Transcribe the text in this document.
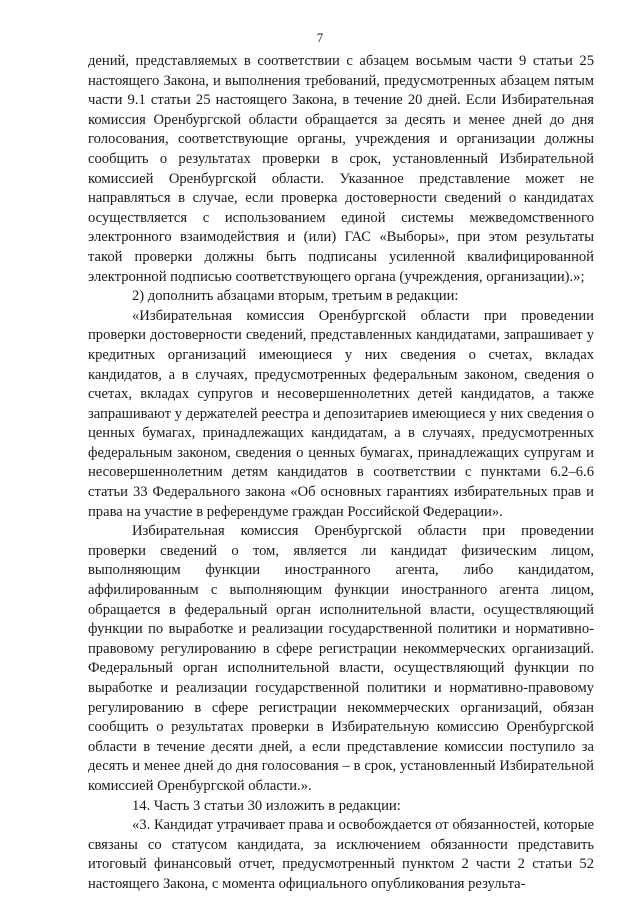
7

дений, представляемых в соответствии с абзацем восьмым части 9 статьи 25 настоящего Закона, и выполнения требований, предусмотренных абзацем пятым части 9.1 статьи 25 настоящего Закона, в течение 20 дней. Если Избирательная комиссия Оренбургской области обращается за десять и менее дней до дня голосования, соответствующие органы, учреждения и организации должны сообщить о результатах проверки в срок, установленный Избирательной комиссией Оренбургской области. Указанное представление может не направляться в случае, если проверка достоверности сведений о кандидатах осуществляется с использованием единой системы межведомственного электронного взаимодействия и (или) ГАС «Выборы», при этом результаты такой проверки должны быть подписаны усиленной квалифицированной электронной подписью соответствующего органа (учреждения, организации).»;

2) дополнить абзацами вторым, третьим в редакции:

«Избирательная комиссия Оренбургской области при проведении проверки достоверности сведений, представленных кандидатами, запрашивает у кредитных организаций имеющиеся у них сведения о счетах, вкладах кандидатов, а в случаях, предусмотренных федеральным законом, сведения о счетах, вкладах супругов и несовершеннолетних детей кандидатов, а также запрашивают у держателей реестра и депозитариев имеющиеся у них сведения о ценных бумагах, принадлежащих кандидатам, а в случаях, предусмотренных федеральным законом, сведения о ценных бумагах, принадлежащих супругам и несовершеннолетним детям кандидатов в соответствии с пунктами 6.2–6.6 статьи 33 Федерального закона «Об основных гарантиях избирательных прав и права на участие в референдуме граждан Российской Федерации».

Избирательная комиссия Оренбургской области при проведении проверки сведений о том, является ли кандидат физическим лицом, выполняющим функции иностранного агента, либо кандидатом, аффилированным с выполняющим функции иностранного агента лицом, обращается в федеральный орган исполнительной власти, осуществляющий функции по выработке и реализации государственной политики и нормативно-правовому регулированию в сфере регистрации некоммерческих организаций. Федеральный орган исполнительной власти, осуществляющий функции по выработке и реализации государственной политики и нормативно-правовому регулированию в сфере регистрации некоммерческих организаций, обязан сообщить о результатах проверки в Избирательную комиссию Оренбургской области в течение десяти дней, а если представление комиссии поступило за десять и менее дней до дня голосования – в срок, установленный Избирательной комиссией Оренбургской области.».

14. Часть 3 статьи 30 изложить в редакции:

«3. Кандидат утрачивает права и освобождается от обязанностей, которые связаны со статусом кандидата, за исключением обязанности представить итоговый финансовый отчет, предусмотренный пунктом 2 части 2 статьи 52 настоящего Закона, с момента официального опубликования результа-
